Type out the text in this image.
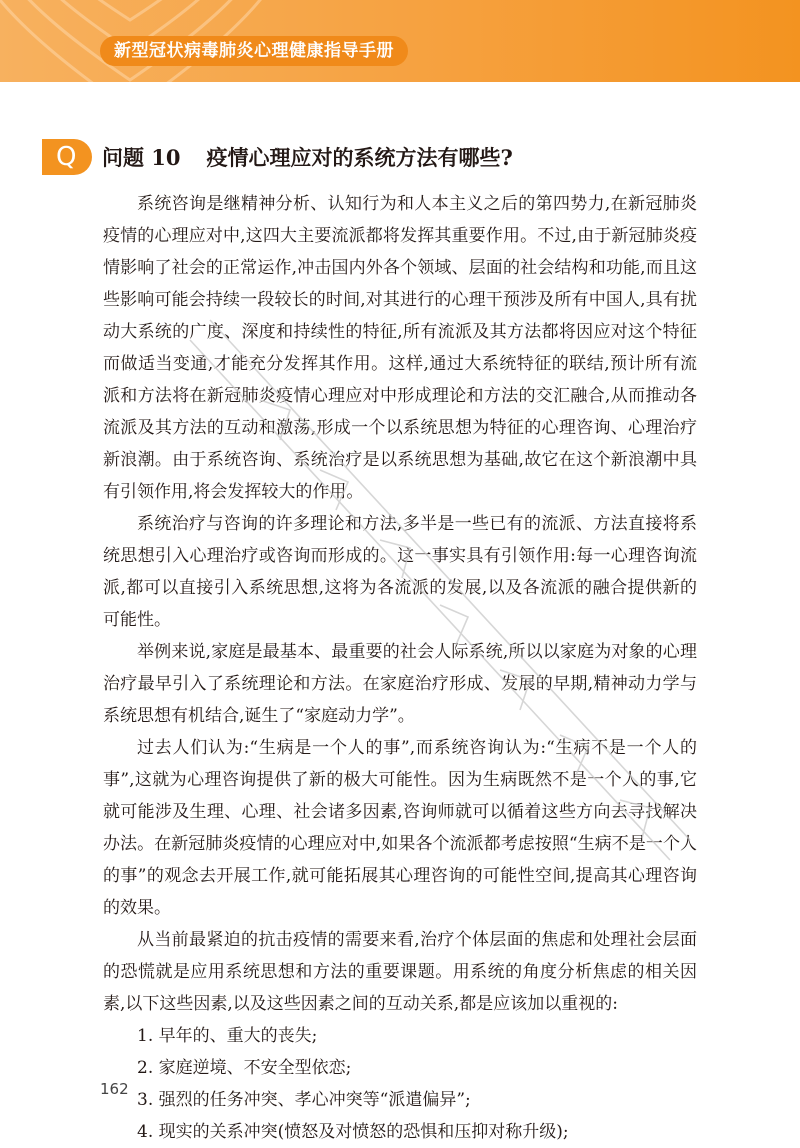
新型冠状病毒肺炎心理健康指导手册
Q 问题 10 疫情心理应对的系统方法有哪些?

系统咨询是继精神分析、认知行为和人本主义之后的第四势力,在新冠肺炎疫情的心理应对中,这四大主要流派都将发挥其重要作用。不过,由于新冠肺炎疫情影响了社会的正常运作,冲击国内外各个领域、层面的社会结构和功能,而且这些影响可能会持续一段较长的时间,对其进行的心理干预涉及所有中国人,具有扰动大系统的广度、深度和持续性的特征,所有流派及其方法都将因应对这个特征而做适当变通,才能充分发挥其作用。这样,通过大系统特征的联结,预计所有流派和方法将在新冠肺炎疫情心理应对中形成理论和方法的交汇融合,从而推动各流派及其方法的互动和激荡,形成一个以系统思想为特征的心理咨询、心理治疗新浪潮。由于系统咨询、系统治疗是以系统思想为基础,故它在这个新浪潮中具有引领作用,将会发挥较大的作用。

系统治疗与咨询的许多理论和方法,多半是一些已有的流派、方法直接将系统思想引入心理治疗或咨询而形成的。这一事实具有引领作用:每一心理咨询流派,都可以直接引入系统思想,这将为各流派的发展,以及各流派的融合提供新的可能性。

举例来说,家庭是最基本、最重要的社会人际系统,所以以家庭为对象的心理治疗最早引入了系统理论和方法。在家庭治疗形成、发展的早期,精神动力学与系统思想有机结合,诞生了“家庭动力学”。

过去人们认为:“生病是一个人的事”,而系统咨询认为:“生病不是一个人的事”,这就为心理咨询提供了新的极大可能性。因为生病既然不是一个人的事,它就可能涉及生理、心理、社会诸多因素,咨询师就可以循着这些方向去寻找解决办法。在新冠肺炎疫情的心理应对中,如果各个流派都考虑按照“生病不是一个人的事”的观念去开展工作,就可能拓展其心理咨询的可能性空间,提高其心理咨询的效果。

从当前最紧迫的抗击疫情的需要来看,治疗个体层面的焦虑和处理社会层面的恐慌就是应用系统思想和方法的重要课题。用系统的角度分析焦虑的相关因素,以下这些因素,以及这些因素之间的互动关系,都是应该加以重视的:

1. 早年的、重大的丧失;
2. 家庭逆境、不安全型依恋;
3. 强烈的任务冲突、孝心冲突等“派遣偏异”;
4. 现实的关系冲突(愤怒及对愤怒的恐惧和压抑对称升级);
162
